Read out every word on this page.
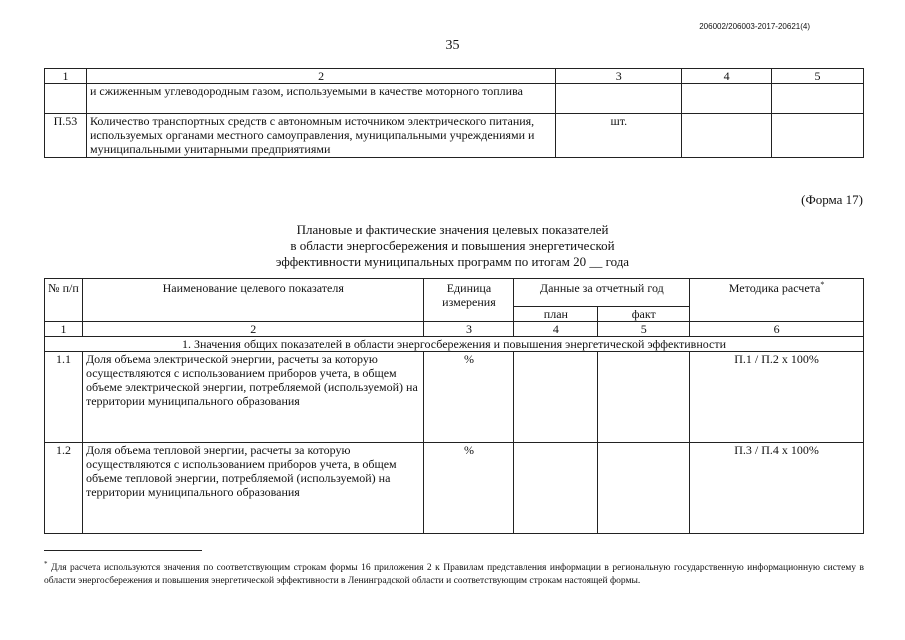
206002/206003-2017-20621(4)
35
1	2	3	4	5
	и сжиженным углеводородным газом, используемыми в качестве моторного топлива			
П.53	Количество транспортных средств с автономным источником электрического питания, используемых органами местного самоуправления, муниципальными учреждениями и муниципальными унитарными предприятиями	шт.		
(Форма 17)
Плановые и фактические значения целевых показателей
в области энергосбережения и повышения энергетической
эффективности муниципальных программ по итогам 20 __ года
№ п/п	Наименование целевого показателя	Единица измерения	Данные за отчетный год		Методика расчета*
			план	факт	
1	2	3	4	5	6
1. Значения общих показателей в области энергосбережения и повышения энергетической эффективности					
1.1	Доля объема электрической энергии, расчеты за которую осуществляются с использованием приборов учета, в общем объеме электрической энергии, потребляемой (используемой) на территории муниципального образования	%			П.1 / П.2 x 100%
1.2	Доля объема тепловой энергии, расчеты за которую осуществляются с использованием приборов учета, в общем объеме тепловой энергии, потребляемой (используемой) на территории муниципального образования	%			П.3 / П.4 x 100%
* Для расчета используются значения по соответствующим строкам формы 16 приложения 2 к Правилам представления информации в региональную государственную информационную систему в области энергосбережения и повышения энергетической эффективности в Ленинградской области и соответствующим строкам настоящей формы.
